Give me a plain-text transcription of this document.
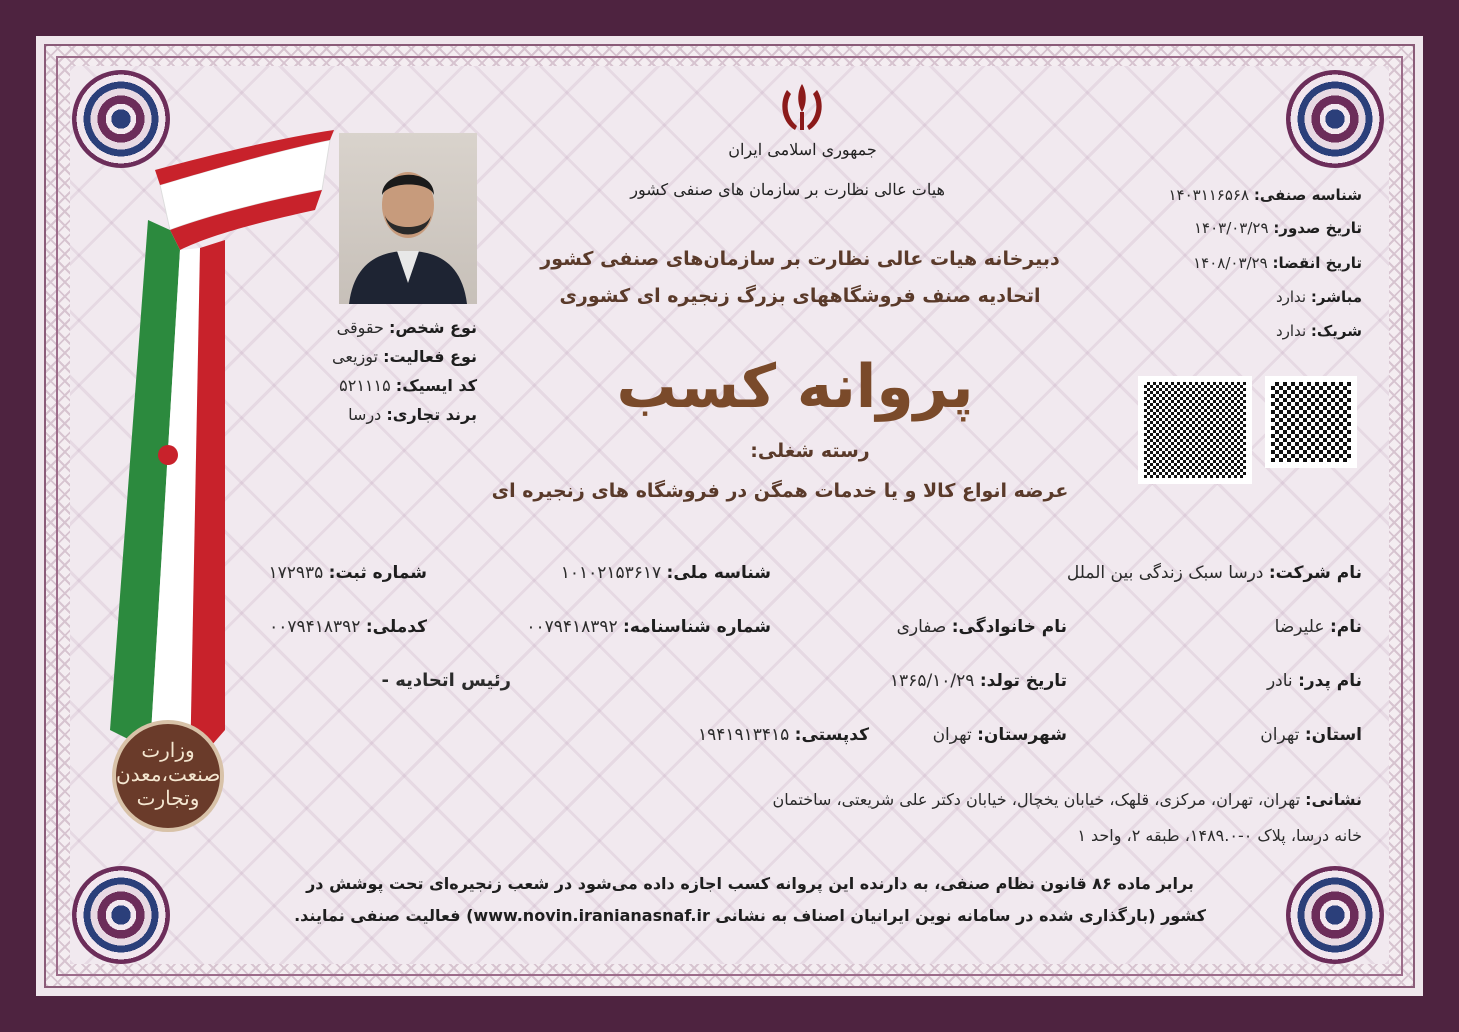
وزارت
صنعت،معدن
وتجارت
نوع شخص: حقوقی
نوع فعالیت: توزیعی
کد ایسیک: ۵۲۱۱۱۵
برند تجاری: درسا
جمهوری اسلامی ایران
هیات عالی نظارت بر سازمان های صنفی کشور
دبیرخانه هیات عالی نظارت بر سازمان‌های صنفی کشور
اتحادیه صنف فروشگاههای بزرگ زنجیره ای کشوری
پروانه کسب
رسته شغلی:
عرضه انواع کالا و یا خدمات همگن در فروشگاه های زنجیره ای
شناسه صنفی: ۱۴۰۳۱۱۶۵۶۸
تاریخ صدور: ۱۴۰۳/۰۳/۲۹
تاریخ انقضا: ۱۴۰۸/۰۳/۲۹
مباشر: ندارد
شریک: ندارد
نام شرکت: درسا سبک زندگی بین الملل
شناسه ملی: ۱۰۱۰۲۱۵۳۶۱۷
شماره ثبت: ۱۷۲۹۳۵
نام: علیرضا
نام خانوادگی: صفاری
شماره شناسنامه: ۰۰۷۹۴۱۸۳۹۲
کدملی: ۰۰۷۹۴۱۸۳۹۲
نام پدر: نادر
تاریخ تولد: ۱۳۶۵/۱۰/۲۹
رئیس اتحادیه -
استان: تهران
شهرستان: تهران
کدپستی: ۱۹۴۱۹۱۳۴۱۵
نشانی: تهران، تهران، مرکزی، قلهک، خیابان یخچال، خیابان دکتر علی شریعتی، ساختمان
خانه درسا، پلاک ۰-۱۴۸۹.۰، طبقه ۲، واحد ۱
برابر ماده ۸۶ قانون نظام صنفی، به دارنده این پروانه کسب اجازه داده می‌شود در شعب زنجیره‌ای تحت پوشش در
کشور (بارگذاری شده در سامانه نوین ایرانیان اصناف به نشانی www.novin.iranianasnaf.ir) فعالیت صنفی نمایند.
